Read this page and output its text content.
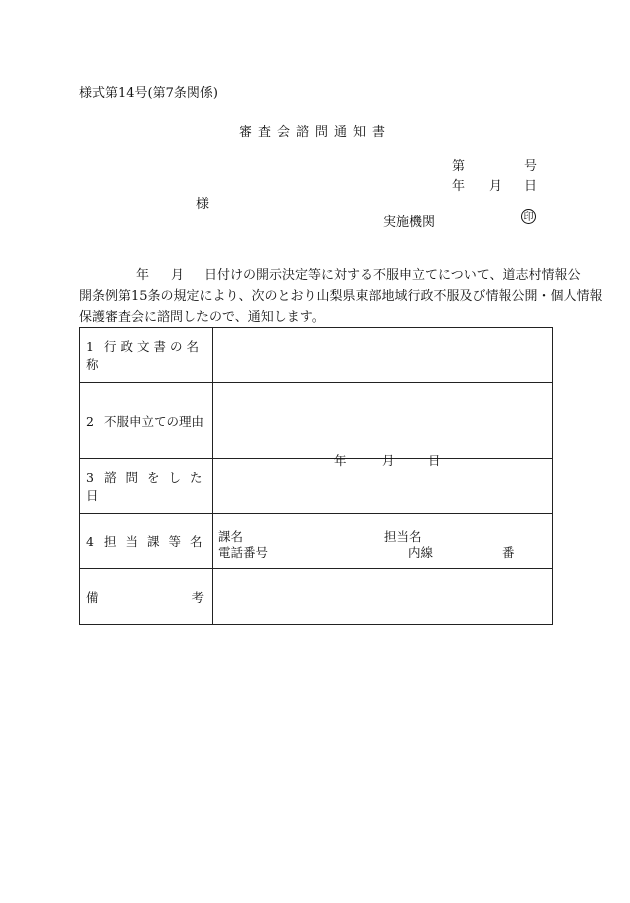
様式第14号(第7条関係)
審査会諮問通知書
第	号
年 月 日
様
実施機関	印

年 月 日付けの開示決定等に対する不服申立てについて、道志村情報公

開条例第15条の規定により、次のとおり山梨県東部地域行政不服及び情報公開・個人情報

保護審査会に諮問したので、通知します。

1 行政文書の名称	
2 不服申立ての理由	
3 諮問をした日	年 月 日

4 担当課等名	課名 担当名
電話番号 内線 番

備 考	
